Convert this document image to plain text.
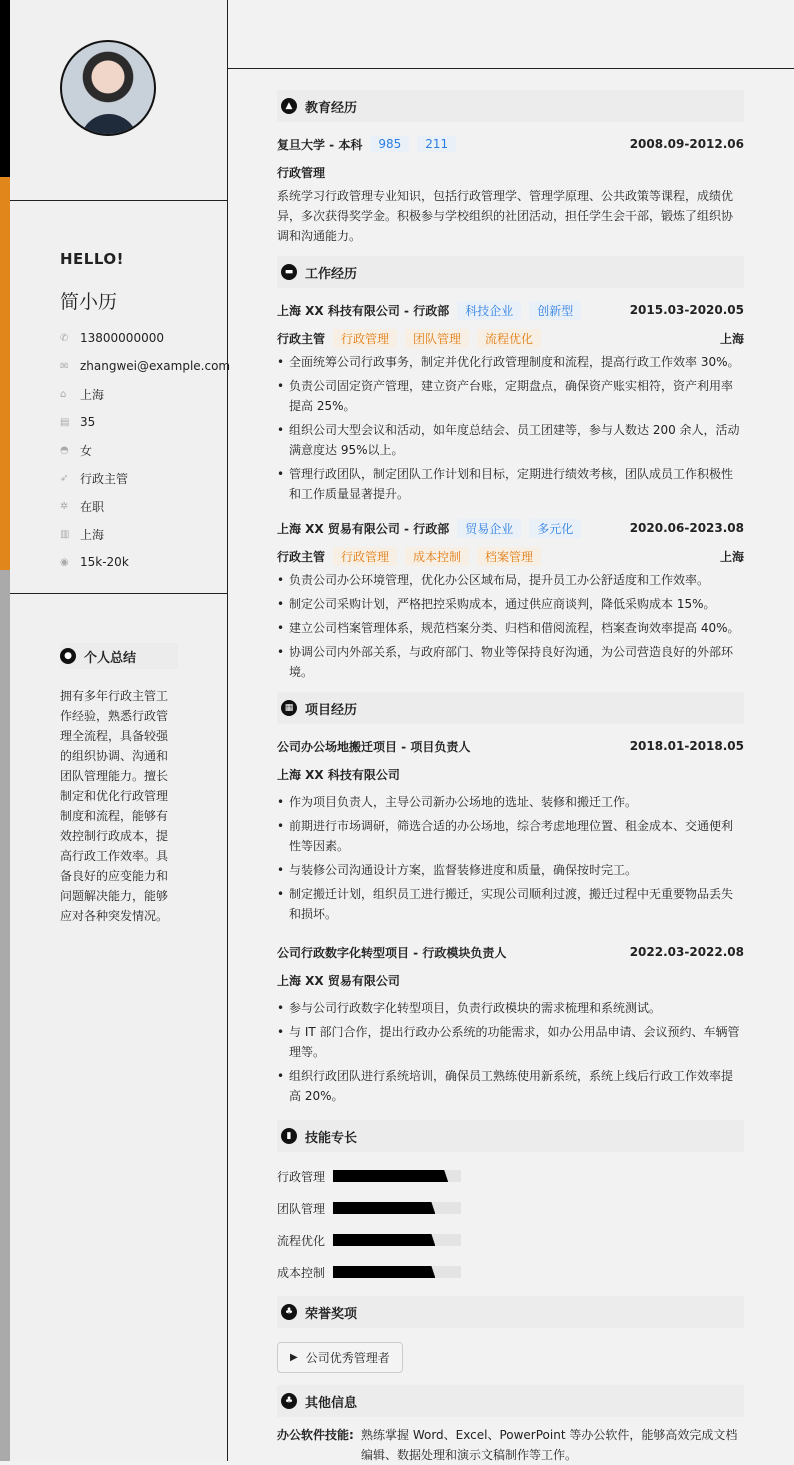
HELLO!
简小历
✆ 13800000000
✉ zhangwei@example.com
⌂	上海
▤ 35
◓ 女
➶ 行政主管
✲ 在职
▥ 上海
◉ 15k-20k
● 个人总结
拥有多年行政主管工作经验，熟悉行政管理全流程，具备较强的组织协调、沟通和团队管理能力。擅长制定和优化行政管理制度和流程，能够有效控制行政成本，提高行政工作效率。具备良好的应变能力和问题解决能力，能够应对各种突发情况。
▲ 教育经历
复旦大学 - 本科	985	211	2008.09-2012.06
行政管理

系统学习行政管理专业知识，包括行政管理学、管理学原理、公共政策等课程，成绩优异，多次获得奖学金。积极参与学校组织的社团活动，担任学生会干部，锻炼了组织协调和沟通能力。

▬ 工作经历
上海 XX 科技有限公司 - 行政部	科技企业	创新型	2015.03-2020.05
行政主管	行政管理	团队管理	流程优化	上海
• 全面统筹公司行政事务，制定并优化行政管理制度和流程，提高行政工作效率 30%。
• 负责公司固定资产管理，建立资产台账，定期盘点，确保资产账实相符，资产利用率提高 25%。
• 组织公司大型会议和活动，如年度总结会、员工团建等，参与人数达 200 余人，活动满意度达 95%以上。
• 管理行政团队，制定团队工作计划和目标，定期进行绩效考核，团队成员工作积极性和工作质量显著提升。
上海 XX 贸易有限公司 - 行政部	贸易企业	多元化	2020.06-2023.08
行政主管	行政管理	成本控制	档案管理	上海
• 负责公司办公环境管理，优化办公区域布局，提升员工办公舒适度和工作效率。
• 制定公司采购计划，严格把控采购成本，通过供应商谈判，降低采购成本 15%。
• 建立公司档案管理体系，规范档案分类、归档和借阅流程，档案查询效率提高 40%。
• 协调公司内外部关系，与政府部门、物业等保持良好沟通，为公司营造良好的外部环境。
▦ 项目经历
公司办公场地搬迁项目 - 项目负责人	2018.01-2018.05
上海 XX 科技有限公司
• 作为项目负责人，主导公司新办公场地的选址、装修和搬迁工作。
• 前期进行市场调研，筛选合适的办公场地，综合考虑地理位置、租金成本、交通便利性等因素。
• 与装修公司沟通设计方案，监督装修进度和质量，确保按时完工。
• 制定搬迁计划，组织员工进行搬迁，实现公司顺利过渡，搬迁过程中无重要物品丢失和损坏。
公司行政数字化转型项目 - 行政模块负责人	2022.03-2022.08
上海 XX 贸易有限公司
• 参与公司行政数字化转型项目，负责行政模块的需求梳理和系统测试。
• 与 IT 部门合作，提出行政办公系统的功能需求，如办公用品申请、会议预约、车辆管理等。
• 组织行政团队进行系统培训，确保员工熟练使用新系统，系统上线后行政工作效率提高 20%。
▮	技能专长
行政管理
团队管理
流程优化
成本控制
♣ 荣誉奖项
▶ 公司优秀管理者
♣ 其他信息
办公软件技能: 熟练掌握 Word、Excel、PowerPoint 等办公软件，能够高效完成文档编辑、数据处理和演示文稿制作等工作。
